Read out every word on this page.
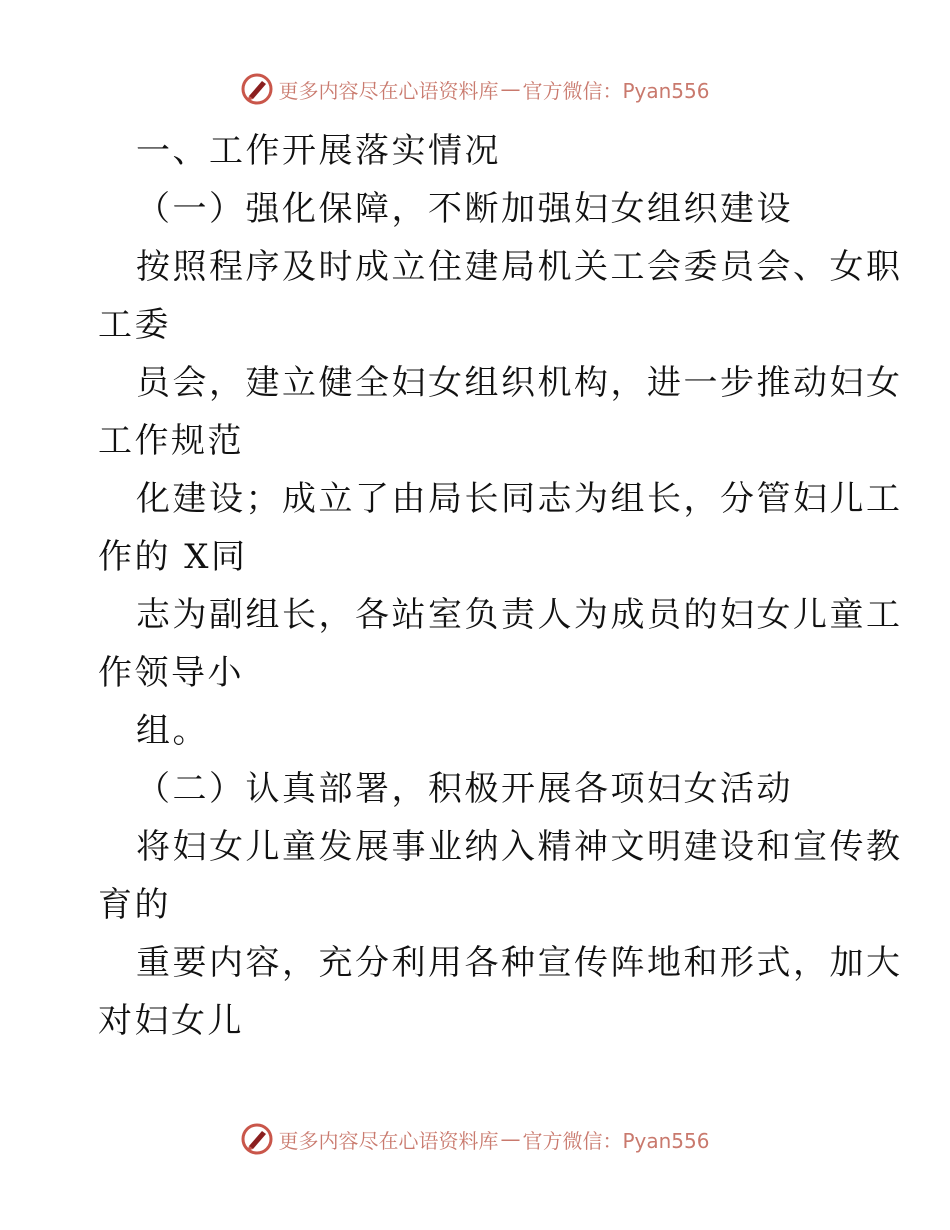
更多内容尽在心语资料库 — 官方微信：Pyan556
一、工作开展落实情况
（一）强化保障，不断加强妇女组织建设
按照程序及时成立住建局机关工会委员会、女职
工委
员会，建立健全妇女组织机构，进一步推动妇女
工作规范
化建设；成立了由局长同志为组长，分管妇儿工
作的 X同
志为副组长，各站室负责人为成员的妇女儿童工
作领导小
组。
（二）认真部署，积极开展各项妇女活动
将妇女儿童发展事业纳入精神文明建设和宣传教
育的
重要内容，充分利用各种宣传阵地和形式，加大
对妇女儿
更多内容尽在心语资料库 — 官方微信：Pyan556
